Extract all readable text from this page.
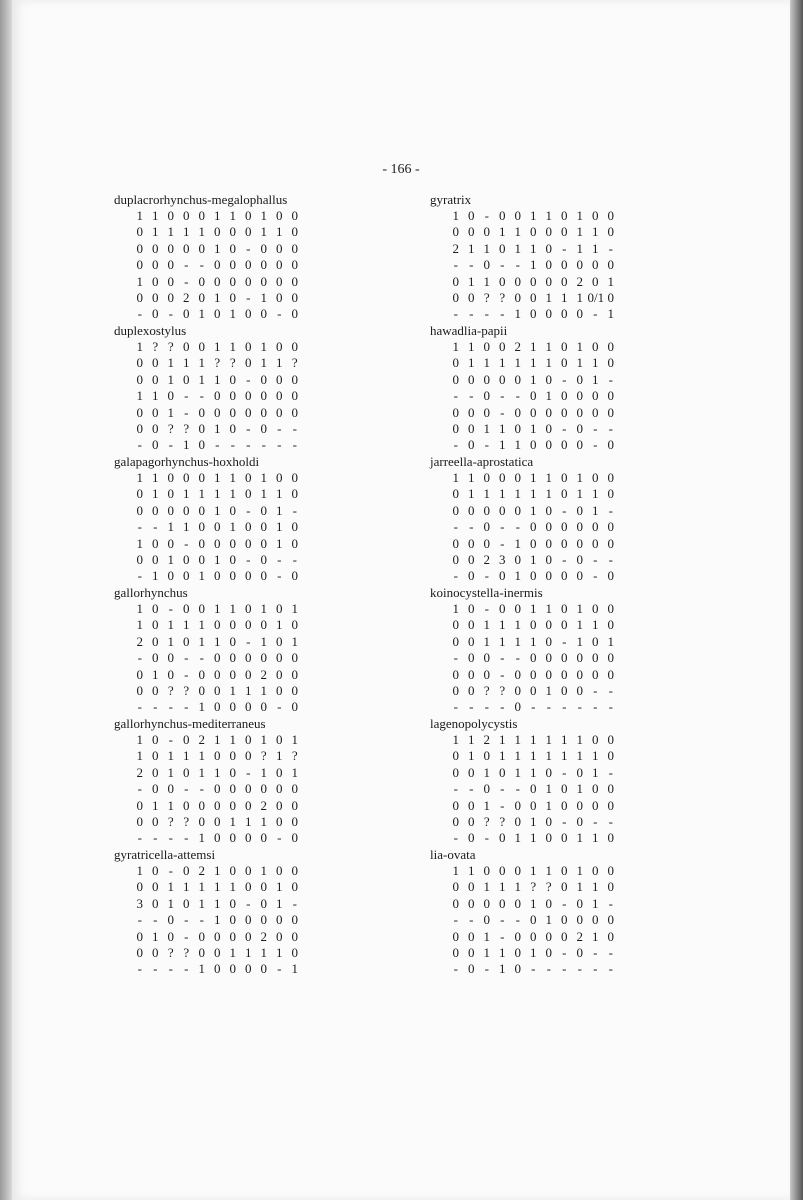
- 166 -
duplacrorhynchus-megalophallus
1 1 0 0 0 1 1 0 1 0 0
0 1 1 1 1 0 0 0 1 1 0
0 0 0 0 0 1 0 - 0 0 0
0 0 0 - - 0 0 0 0 0 0
1 0 0 - 0 0 0 0 0 0 0
0 0 0 2 0 1 0 - 1 0 0
- 0 - 0 1 0 1 0 0 - 0
duplexostylus
1 ? ? 0 0 1 1 0 1 0 0
0 0 1 1 1 ? ? 0 1 1 ?
0 0 1 0 1 1 0 - 0 0 0
1 1 0 - - 0 0 0 0 0 0
0 0 1 - 0 0 0 0 0 0 0
0 0 ? ? 0 1 0 - 0 - -
- 0 - 1 0 - - - - - -
galapagorhynchus-hoxholdi
1 1 0 0 0 1 1 0 1 0 0
0 1 0 1 1 1 1 0 1 1 0
0 0 0 0 0 1 0 - 0 1 -
- - 1 1 0 0 1 0 0 1 0
1 0 0 - 0 0 0 0 0 1 0
0 0 1 0 0 1 0 - 0 - -
- 1 0 0 1 0 0 0 0 - 0
gallorhynchus
1 0 - 0 0 1 1 0 1 0 1
1 0 1 1 1 0 0 0 0 1 0
2 0 1 0 1 1 0 - 1 0 1
- 0 0 - - 0 0 0 0 0 0
0 1 0 - 0 0 0 0 2 0 0
0 0 ? ? 0 0 1 1 1 0 0
- - - - 1 0 0 0 0 - 0
gallorhynchus-mediterraneus
1 0 - 0 2 1 1 0 1 0 1
1 0 1 1 1 0 0 0 ? 1 ?
2 0 1 0 1 1 0 - 1 0 1
- 0 0 - - 0 0 0 0 0 0
0 1 1 0 0 0 0 0 2 0 0
0 0 ? ? 0 0 1 1 1 0 0
- - - - 1 0 0 0 0 - 0
gyratricella-attemsi
1 0 - 0 2 1 0 0 1 0 0
0 0 1 1 1 1 1 0 0 1 0
3 0 1 0 1 1 0 - 0 1 -
- - 0 - - 1 0 0 0 0 0
0 1 0 - 0 0 0 0 2 0 0
0 0 ? ? 0 0 1 1 1 1 0
- - - - 1 0 0 0 0 - 1
gyratrix
1 0 - 0 0 1 1 0 1 0 0
0 0 0 1 1 0 0 0 1 1 0
2 1 1 0 1 1 0 - 1 1 -
- - 0 - - 1 0 0 0 0 0
0 1 1 0 0 0 0 0 2 0 1
0 0 ? ? 0 0 1 1 1 0/1 0
- - - - 1 0 0 0 0 - 1
hawadlia-papii
1 1 0 0 2 1 1 0 1 0 0
0 1 1 1 1 1 1 0 1 1 0
0 0 0 0 0 1 0 - 0 1 -
- - 0 - - 0 1 0 0 0 0
0 0 0 - 0 0 0 0 0 0 0
0 0 1 1 0 1 0 - 0 - -
- 0 - 1 1 0 0 0 0 - 0
jarreella-aprostatica
1 1 0 0 0 1 1 0 1 0 0
0 1 1 1 1 1 1 0 1 1 0
0 0 0 0 0 1 0 - 0 1 -
- - 0 - - 0 0 0 0 0 0
0 0 0 - 1 0 0 0 0 0 0
0 0 2 3 0 1 0 - 0 - -
- 0 - 0 1 0 0 0 0 - 0
koinocystella-inermis
1 0 - 0 0 1 1 0 1 0 0
0 0 1 1 1 0 0 0 1 1 0
0 0 1 1 1 1 0 - 1 0 1
- 0 0 - - 0 0 0 0 0 0
0 0 0 - 0 0 0 0 0 0 0
0 0 ? ? 0 0 1 0 0 - -
- - - - 0 - - - - - -
lagenopolycystis
1 1 2 1 1 1 1 1 1 0 0
0 1 0 1 1 1 1 1 1 1 0
0 0 1 0 1 1 0 - 0 1 -
- - 0 - - 0 1 0 1 0 0
0 0 1 - 0 0 1 0 0 0 0
0 0 ? ? 0 1 0 - 0 - -
- 0 - 0 1 1 0 0 1 1 0
lia-ovata
1 1 0 0 0 1 1 0 1 0 0
0 0 1 1 1 ? ? 0 1 1 0
0 0 0 0 0 1 0 - 0 1 -
- - 0 - - 0 1 0 0 0 0
0 0 1 - 0 0 0 0 2 1 0
0 0 1 1 0 1 0 - 0 - -
- 0 - 1 0 - - - - - -
